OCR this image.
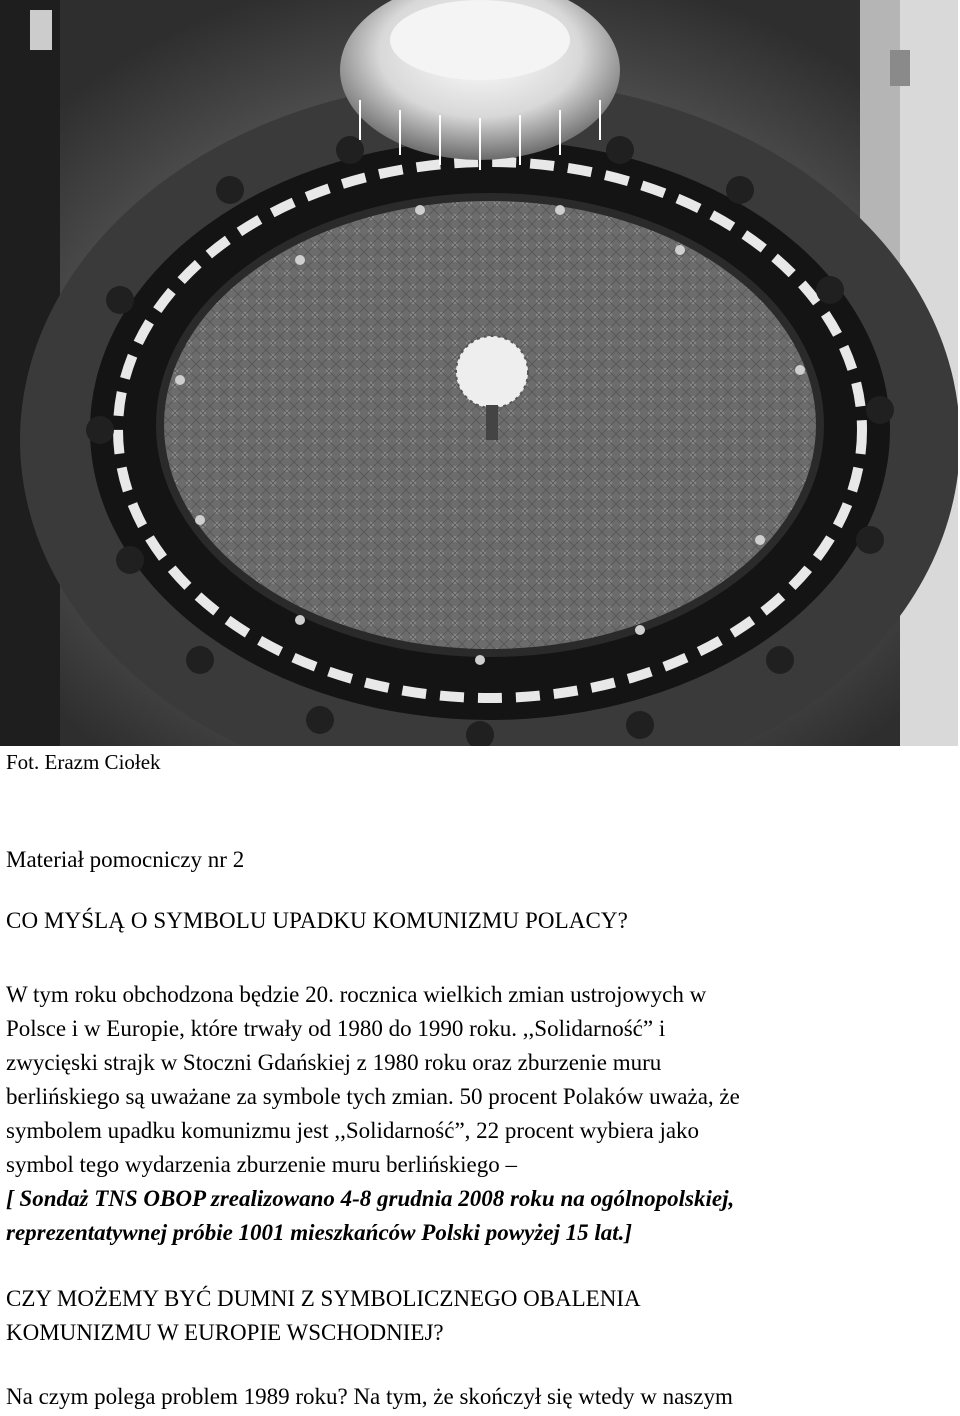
Fot. Erazm Ciołek
Materiał pomocniczy nr 2
CO MYŚLĄ O SYMBOLU UPADKU KOMUNIZMU POLACY?

W tym roku obchodzona będzie 20. rocznica wielkich zmian ustrojowych w

Polsce i w Europie, które trwały od 1980 do 1990 roku. ,,Solidarność” i

zwycięski strajk w Stoczni Gdańskiej z 1980 roku oraz zburzenie muru

berlińskiego są uważane za symbole tych zmian. 50 procent Polaków uważa, że

symbolem upadku komunizmu jest ,,Solidarność”, 22 procent wybiera jako

symbol tego wydarzenia zburzenie muru berlińskiego –

[ Sondaż TNS OBOP zrealizowano 4-8 grudnia 2008 roku na ogólnopolskiej,

reprezentatywnej próbie 1001 mieszkańców Polski powyżej 15 lat.]

CZY MOŻEMY BYĆ DUMNI Z SYMBOLICZNEGO OBALENIA
KOMUNIZMU W EUROPIE WSCHODNIEJ?
Na czym polega problem 1989 roku? Na tym, że skończył się wtedy w naszym
